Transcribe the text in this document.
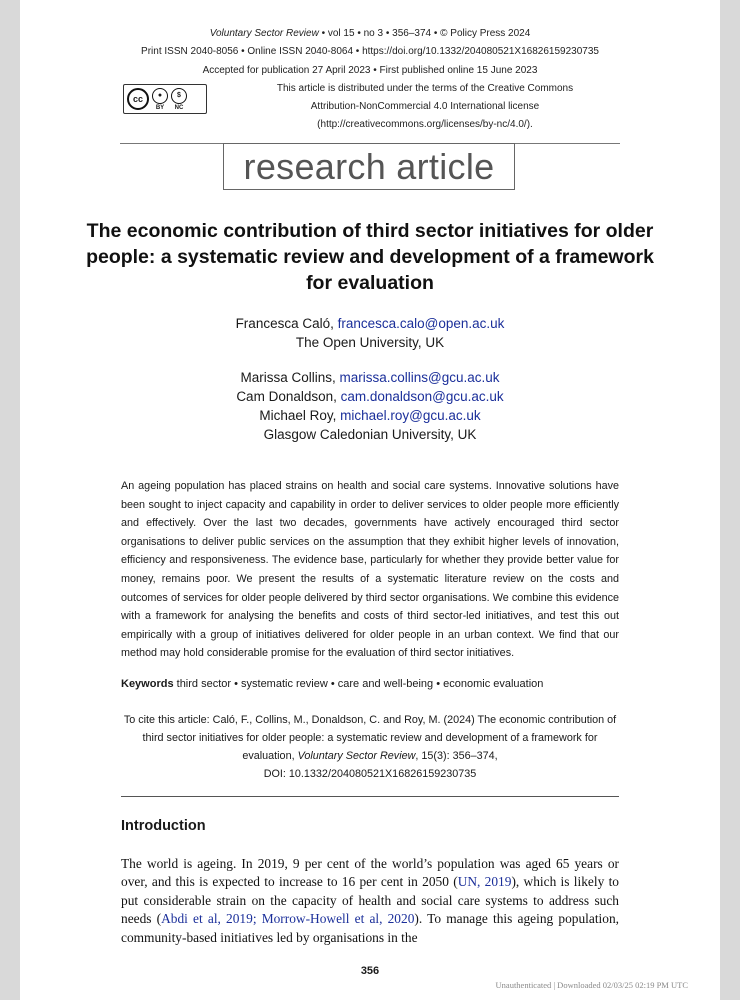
Voluntary Sector Review • vol 15 • no 3 • 356–374 • © Policy Press 2024
Print ISSN 2040-8056 • Online ISSN 2040-8064 • https://doi.org/10.1332/204080521X16826159230735
Accepted for publication 27 April 2023 • First published online 15 June 2023
cc	●
BY
$
NC
This article is distributed under the terms of the Creative Commons
Attribution-NonCommercial 4.0 International license
(http://creativecommons.org/licenses/by-nc/4.0/).
research article
The economic contribution of third sector initiatives for older people: a systematic review and development of a framework for evaluation
Francesca Caló, francesca.calo@open.ac.uk
The Open University, UK
Marissa Collins, marissa.collins@gcu.ac.uk
Cam Donaldson, cam.donaldson@gcu.ac.uk
Michael Roy, michael.roy@gcu.ac.uk
Glasgow Caledonian University, UK
An ageing population has placed strains on health and social care systems. Innovative solutions have been sought to inject capacity and capability in order to deliver services to older people more efficiently and effectively. Over the last two decades, governments have actively encouraged third sector organisations to deliver public services on the assumption that they exhibit higher levels of innovation, efficiency and responsiveness. The evidence base, particularly for whether they provide better value for money, remains poor. We present the results of a systematic literature review on the costs and outcomes of services for older people delivered by third sector organisations. We combine this evidence with a framework for analysing the benefits and costs of third sector-led initiatives, and test this out empirically with a group of initiatives delivered for older people in an urban context. We find that our method may hold considerable promise for the evaluation of third sector initiatives.
Keywords third sector • systematic review • care and well-being • economic evaluation
To cite this article: Caló, F., Collins, M., Donaldson, C. and Roy, M. (2024) The economic contribution of third sector initiatives for older people: a systematic review and development of a framework for evaluation, Voluntary Sector Review, 15(3): 356–374,
DOI: 10.1332/204080521X16826159230735
Introduction
The world is ageing. In 2019, 9 per cent of the world’s population was aged 65 years or over, and this is expected to increase to 16 per cent in 2050 (UN, 2019), which is likely to put considerable strain on the capacity of health and social care systems to address such needs (Abdi et al, 2019; Morrow-Howell et al, 2020). To manage this ageing population, community-based initiatives led by organisations in the
356
Unauthenticated | Downloaded 02/03/25 02:19 PM UTC
